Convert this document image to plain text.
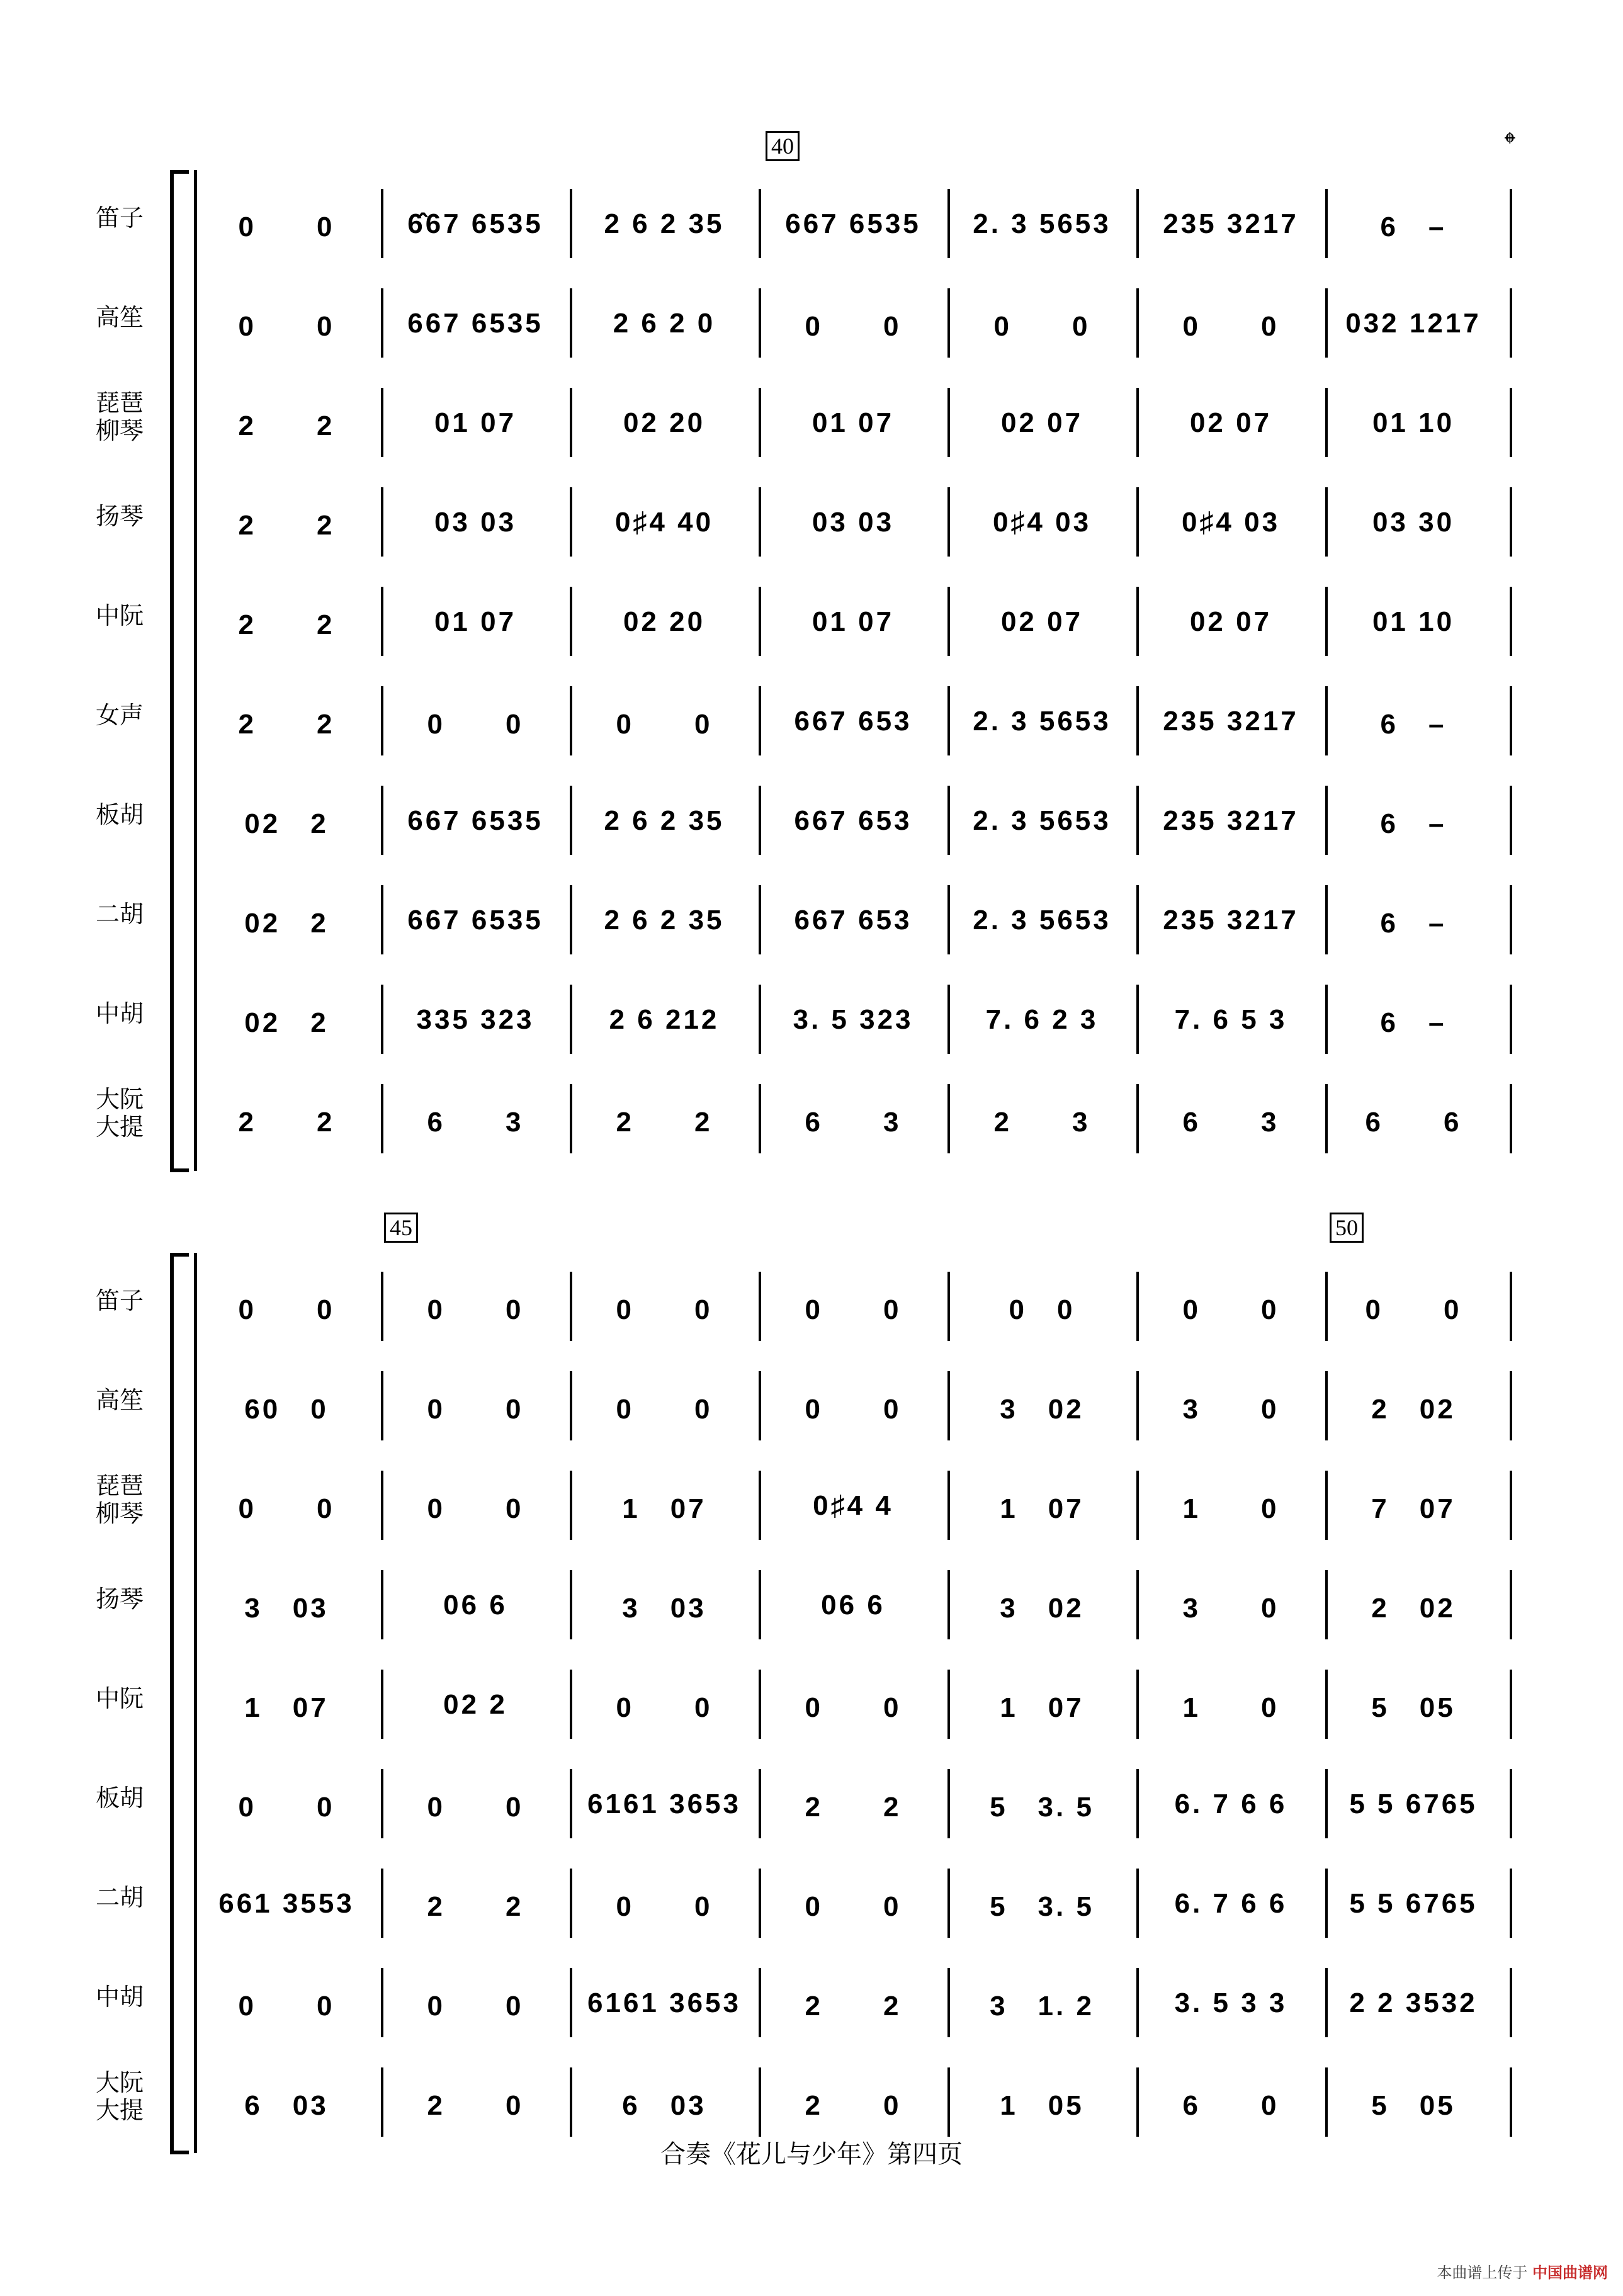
40	𝄌
笛子	0　　0	6̂67 6535	2 6 2 35	667 6535	2. 3 5653	235 3217	6　–
高笙	0　　0	667 6535	2 6 2 0	0　　0	0　　0	0　　0	032 1217
琵琶
柳琴	2　　2	01 07	02 20	01 07	02 07	02 07	01 10
扬琴	2　　2	03 03	0♯4 40	03 03	0♯4 03	0♯4 03	03 30
中阮	2　　2	01 07	02 20	01 07	02 07	02 07	01 10
女声	2　　2	0　　0	0　　0	667 653	2. 3 5653	235 3217	6　–
板胡	02　2	667 6535	2 6 2 35	667 653	2. 3 5653	235 3217	6　–
二胡	02　2	667 6535	2 6 2 35	667 653	2. 3 5653	235 3217	6　–
中胡	02　2	335 323	2 6 212	3. 5 323	7. 6 2 3	7. 6 5 3	6　–
大阮
大提	2　　2	6　　3	2　　2	6　　3	2　　3	6　　3	6　　6
45	50
笛子	0　　0	0　　0	0　　0	0　　0	0　0	0　　0	0　　0
高笙	60　0	0　　0	0　　0	0　　0	3　02	3　　0	2　02
琵琶
柳琴	0　　0	0　　0	1　07	0♯4 4	1　07	1　　0	7　07
扬琴	3　03	06 6	3　03	06 6	3　02	3　　0	2　02
中阮	1　07	02 2	0　　0	0　　0	1　07	1　　0	5　05
板胡	0　　0	0　　0	6161 3653	2　　2	5　3. 5	6. 7 6 6	5 5 6765
二胡	661 3553	2　　2	0　　0	0　　0	5　3. 5	6. 7 6 6	5 5 6765
中胡	0　　0	0　　0	6161 3653	2　　2	3　1. 2	3. 5 3 3	2 2 3532
大阮
大提	6　03	2　　0	6　03	2　　0	1　05	6　　0	5　05
合奏《花儿与少年》第四页
本曲谱上传于 中国曲谱网
